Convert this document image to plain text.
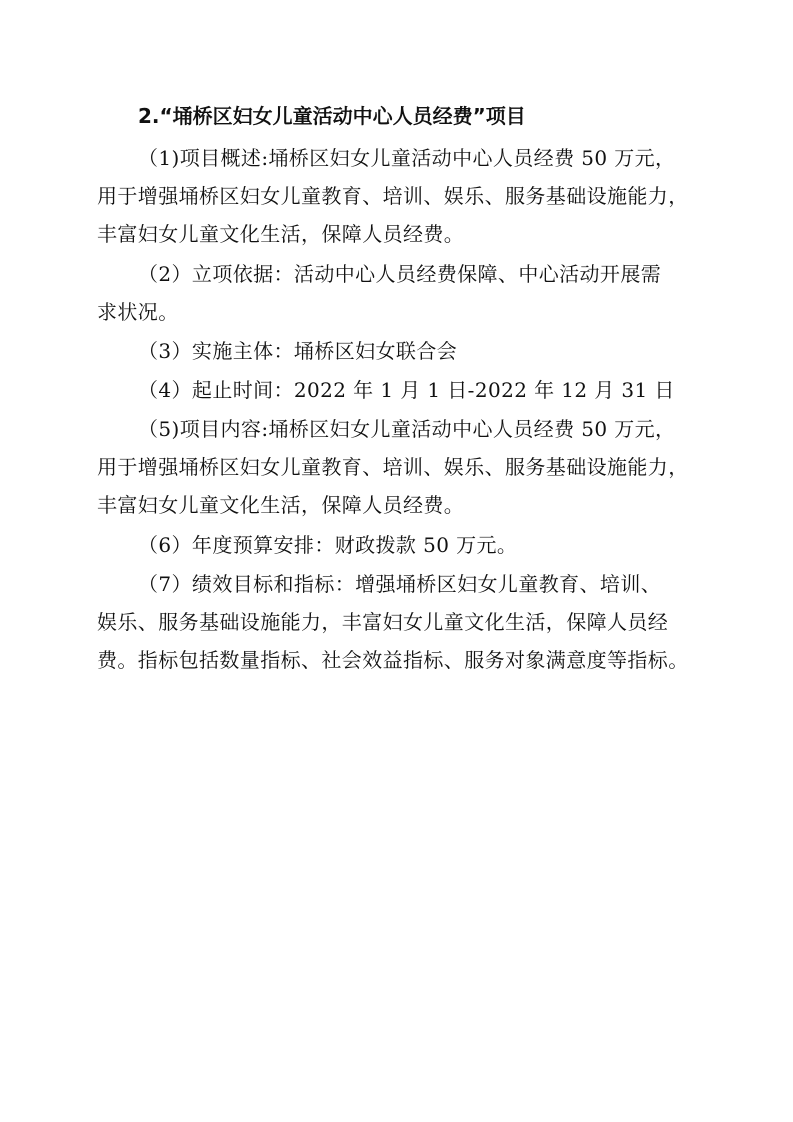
2.“埇桥区妇女儿童活动中心人员经费”项目
（1)项目概述:埇桥区妇女儿童活动中心人员经费 50 万元，
用于增强埇桥区妇女儿童教育、培训、娱乐、服务基础设施能力，
丰富妇女儿童文化生活，保障人员经费。
（2）立项依据：活动中心人员经费保障、中心活动开展需
求状况。
（3）实施主体：埇桥区妇女联合会
（4）起止时间：2022 年 1 月 1 日-2022 年 12 月 31 日
（5)项目内容:埇桥区妇女儿童活动中心人员经费 50 万元，
用于增强埇桥区妇女儿童教育、培训、娱乐、服务基础设施能力，
丰富妇女儿童文化生活，保障人员经费。
（6）年度预算安排：财政拨款 50 万元。
（7）绩效目标和指标：增强埇桥区妇女儿童教育、培训、
娱乐、服务基础设施能力，丰富妇女儿童文化生活，保障人员经
费。指标包括数量指标、社会效益指标、服务对象满意度等指标。
